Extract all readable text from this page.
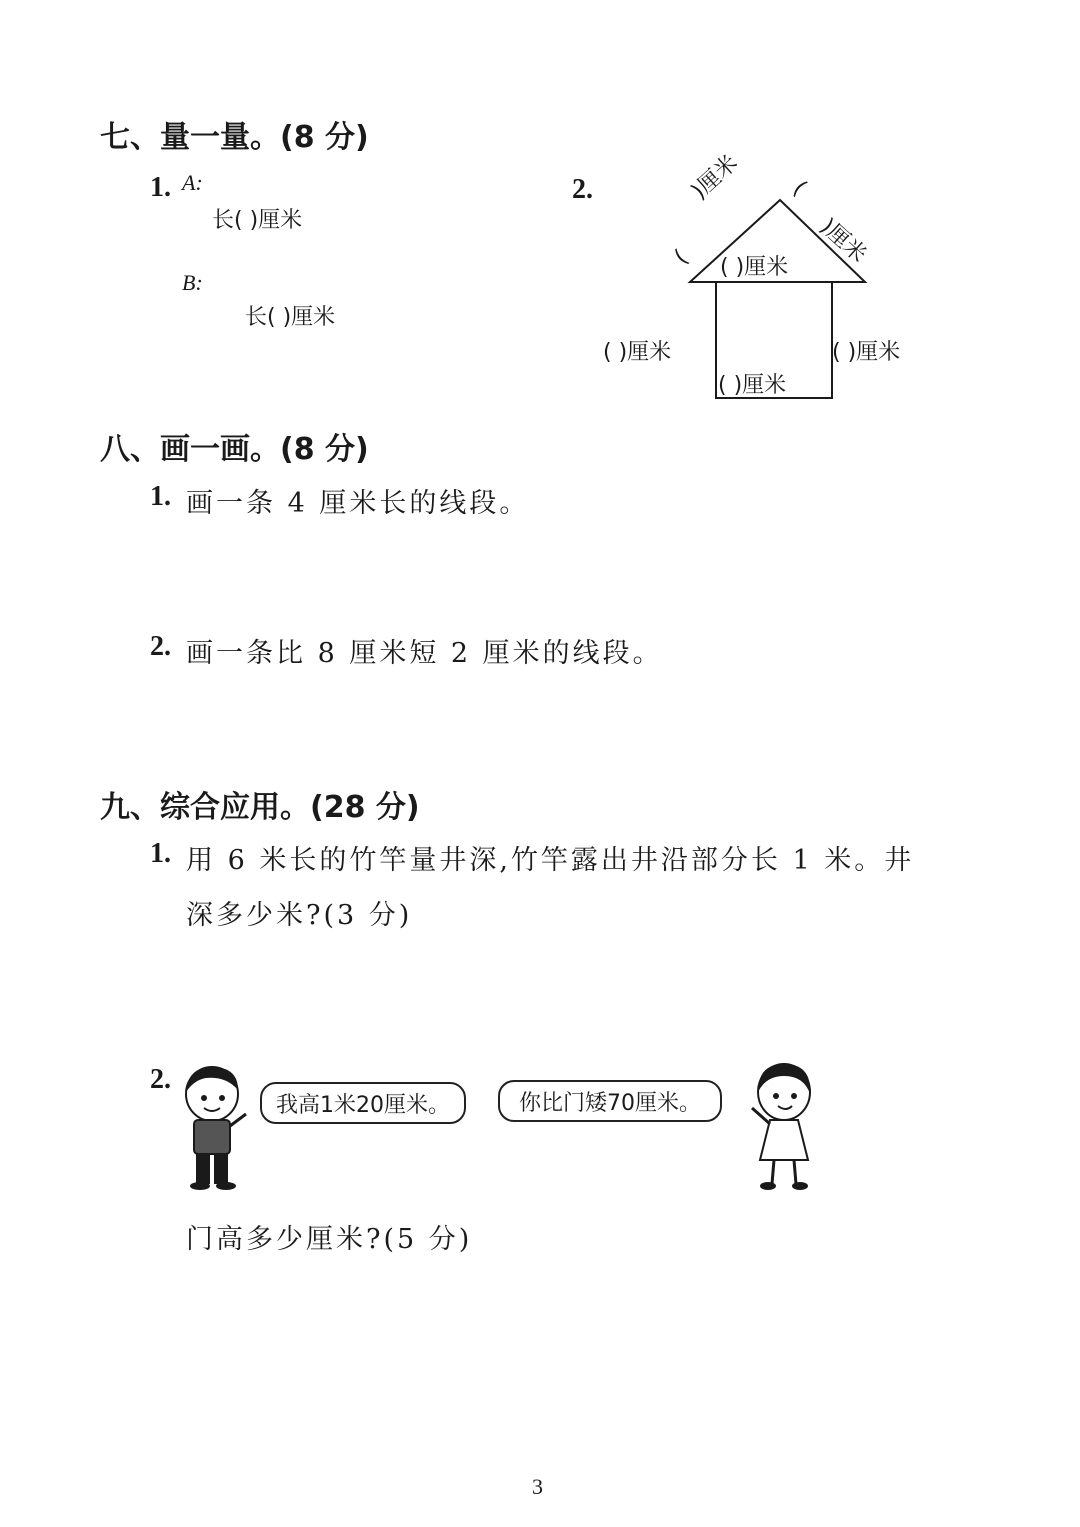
七、量一量。(8 分)
1. A:
长( )厘米
B:
长( )厘米
2.	)厘米
(
(
)厘米
( )厘米
( )厘米	( )厘米
( )厘米
八、画一画。(8 分)
1. 画一条 4 厘米长的线段。
2. 画一条比 8 厘米短 2 厘米的线段。
九、综合应用。(28 分)
1. 用 6 米长的竹竿量井深,竹竿露出井沿部分长 1 米。井
深多少米?(3 分)
2.
我高1米20厘米。	你比门矮70厘米。
门高多少厘米?(5 分)
3
